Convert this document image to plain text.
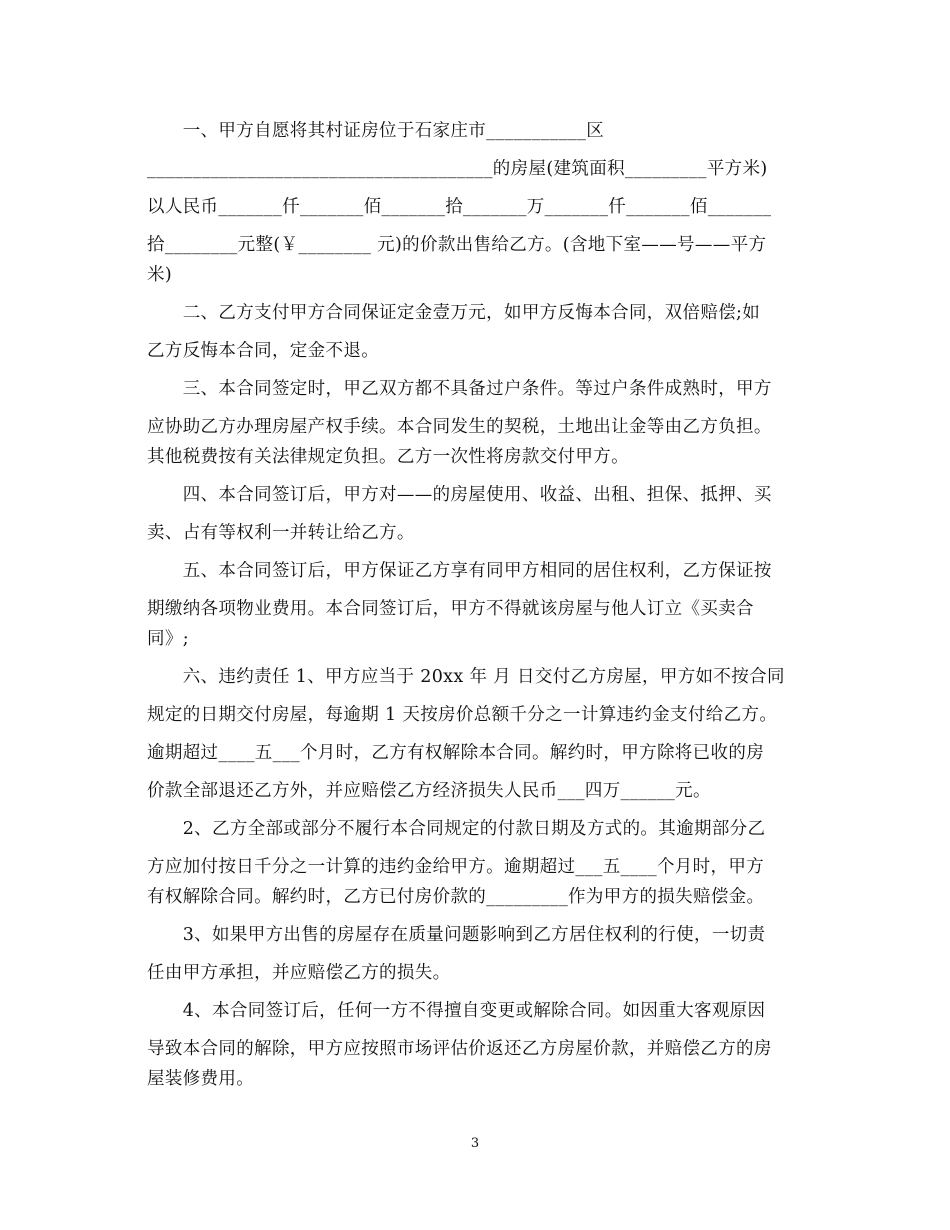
　　一、甲方自愿将其村证房位于石家庄市___________区
______________________________________的房屋(建筑面积_________平方米)
以人民币_______仟_______佰_______拾_______万_______仟_______佰_______
拾________元整(￥________ 元)的价款出售给乙方。(含地下室——号——平方
米)
　　二、乙方支付甲方合同保证定金壹万元，如甲方反悔本合同，双倍赔偿;如
乙方反悔本合同，定金不退。
　　三、本合同签定时，甲乙双方都不具备过户条件。等过户条件成熟时，甲方
应协助乙方办理房屋产权手续。本合同发生的契税，土地出让金等由乙方负担。
其他税费按有关法律规定负担。乙方一次性将房款交付甲方。
　　四、本合同签订后，甲方对——的房屋使用、收益、出租、担保、抵押、买
卖、占有等权利一并转让给乙方。
　　五、本合同签订后，甲方保证乙方享有同甲方相同的居住权利，乙方保证按
期缴纳各项物业费用。本合同签订后，甲方不得就该房屋与他人订立《买卖合
同》;
　　六、违约责任 1、甲方应当于 20xx 年 月 日交付乙方房屋，甲方如不按合同
规定的日期交付房屋，每逾期 1 天按房价总额千分之一计算违约金支付给乙方。
逾期超过____五___个月时，乙方有权解除本合同。解约时，甲方除将已收的房
价款全部退还乙方外，并应赔偿乙方经济损失人民币___四万______元。
　　2、乙方全部或部分不履行本合同规定的付款日期及方式的。其逾期部分乙
方应加付按日千分之一计算的违约金给甲方。逾期超过___五____个月时，甲方
有权解除合同。解约时，乙方已付房价款的_________作为甲方的损失赔偿金。
　　3、如果甲方出售的房屋存在质量问题影响到乙方居住权利的行使，一切责
任由甲方承担，并应赔偿乙方的损失。
　　4、本合同签订后，任何一方不得擅自变更或解除合同。如因重大客观原因
导致本合同的解除，甲方应按照市场评估价返还乙方房屋价款，并赔偿乙方的房
屋装修费用。
3
